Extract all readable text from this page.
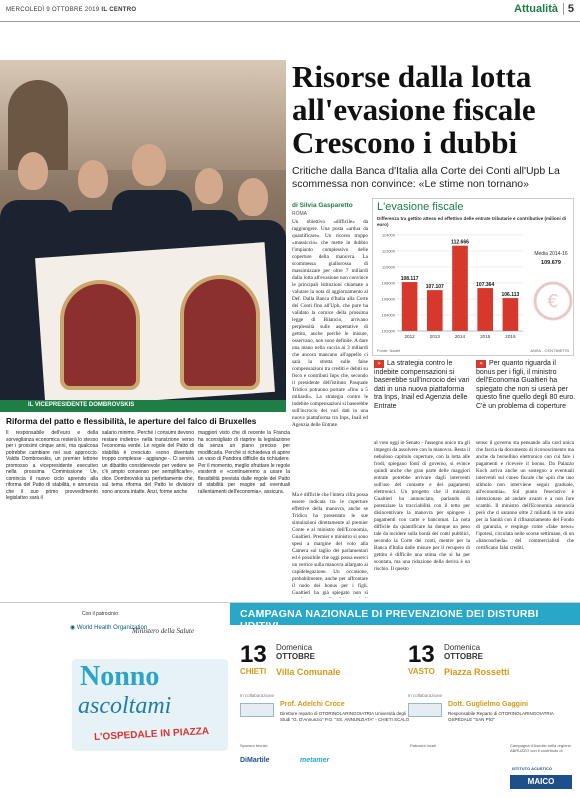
MERCOLEDÌ 9 OTTOBRE 2019 IL CENTRO	Attualità 5
Risorse dalla lotta
all'evasione fiscale
Crescono i dubbi
Critiche dalla Banca d'Italia alla Corte dei Conti all'Upb La scommessa non convince: «Le stime non tornano»
di Silvia Gasparetto
ROMA
Un obiettivo «difficile» da raggiungere. Una posta «ardua da quantificare». Un ricorso troppo «massiccio» che mette in dubbio l'impianto complessivo delle coperture della manovra. La scommessa giallorossa di massimizzare per oltre 7 miliardi dalla lotta all'evasione non convince le principali istituzioni chiamate a valutare la nota di aggiornamento al Def. Dalla Banca d'Italia alla Corte dei Conti fino all'Upb, che pure ha validato la cornice della prossima legge di Bilancio, arrivano perplessità sulle aspettative di gettito, anche perché le misure, osservano, non sono definite. A dare una mano nella caccia ai 3 miliardi che ancora mancano all'appello ci sarà la stretta sulle false compensazioni tra crediti e debiti su fisco e contributi Inps che, secondo il presidente dell'istituto Pasquale Tridico potranno portare «fino a 5 miliardi». La strategia contro le indebite compensazioni si baserebbe sull'incrocio dei vari dati in una nuova piattaforma tra Inps, Inail ed Agenzia delle Entrate.
Ma è difficile che l'intera cifra possa essere indicata tra le coperture effettive della manovra, anche se Tridico ha presentato le sue simulazioni direttamente al premier Conte e al ministro dell'Economia, Gualtieri. Premier e ministro si sono spesi a margine del voto alla Camera sul taglio dei parlamentari ed è possibile che oggi possa esserci un vertice sulla manovra allargato ai capidelegazione. Un occasione, probabilmente, anche per affrontare il nodo dei bonus per i figli. Gualtieri ha già spiegato non si
al voto oggi in Senato - l'assegno unico tra gli impegni da assolvere con la manovra. Resta il nebuloso capitolo coperture, con la lotta alle frodi, spiegano fonti di governo, si evince quindi anche che gran parte delle maggiori entrate potrebbe arrivare dagli interventi sull'uso del contante e dei pagamenti elettronici. Un progetto che il ministro Gualtieri ha annunciato, parlando di potenziare la tracciabilità con il tetto per disincentivare la manovra per spingere i pagamenti con carte e bancomat. La nota difficile da quantificare ha dunque un peso tale da incidere sulla bontà dei conti pubblici, secondo la Corte dei conti, mentre per la Banca d'Italia dalle misure per il recupero di gettito è difficile una stima che si ha per scontata, ma una riduzione della deriva è un rischio. Il questo
senso il governo sta pensando alla card unica che faccia da documento di riconoscimento ma anche da borsellino elettronico con cui fare i pagamenti e ricevere il bonus. Da Palazzo Koch arriva anche un sostegno a eventuali interventi sul cuneo fiscale che «più che uno stimolo non interviene seguir graduale, all'economia». Sul punto l'esecutivo è intenzionato ad andare avanti e a non fare scambi. Il ministro dell'Economia annuncia però che ci saranno oltre 2 miliardi in tre anni per la Sanità con il rifinanziamento del Fondo di garanzia, e respinge come «fake news» l'ipotesi, circolata nelle scorse settimane, di un «bancoscheda» del commercialisti che certificano falsi crediti.
L'evasione fiscale
Differenza tra gettito atteso ed effettivo delle entrate tributarie e contributive (milioni di euro)
114000
112000
110000
108000
106000
104000
102000
108.117
2012
107.107
2013
112.666
2014
107.364
2015
106.113
2016
Media 2014-16
109.679
€
Fonte: Nadef	ANSA - CENTIMETRI
» La strategia contro le indebite compensazioni si baserebbe sull'incrocio dei vari dati in una nuova piattaforma tra Inps, Inail ed Agenzia delle Entrate
» Per quanto riguarda il bonus per i figli, il ministro dell'Economia Gualtieri ha spiegato che non si userà per questo fine quello degli 80 euro. C'è un problema di coperture
IL VICEPRESIDENTE DOMBROVSKIS
Riforma del patto e flessibilità, le aperture del falco di Bruxelles
Il responsabile dell'euro e della sorveglianza economica resterà lo stesso per i prossimi cinque anni, ma qualcosa potrebbe cambiare nel suo approccio. Valdis Dombrovskis, un premier lettone promosso a vicepresidente esecutivo nella prossima Commissione Ue, comincia il nuovo ciclo aprendo alla riforma del Patto di stabilità, e annuncia che il suo primo provvedimento legislativo sarà il
salario minimo. Perché i consumi devono restare indietro» nella transizione verso l'economia verde. Le regole del Patto di stabilità è cresciuto «sono diventate troppo complesse - aggiunge -. Ci servirà un dibattito considerevole per vedere se c'è ampio consenso per semplificarle», dice. Dombrovskis sa perfettamente che, sul tema riforma del Patto le divisioni sono ancora intatte. Anzi, forme anche
maggiori visto che di recente la Francia ha sconsigliato di riaprire la legislazione da senza un piano preciso per modificarla. Perché si richiedeva di aprire un vaso di Pandora difficile da richiudere. Per il momento, meglio sfruttare le regole esistenti e «continueremo a usare la flessibilità prevista dalle regole del Patto di stabilità per reagire ad eventuali rallentamenti dell'economia», assicura.
Con il patrocinio
◉ World Health Organization
Ministero della Salute
Nonno
ascoltami
L'OSPEDALE IN PIAZZA
CAMPAGNA NAZIONALE DI PREVENZIONE DEI DISTURBI UDITIVI
13
CHIETI
Domenica
OTTOBRE
Villa Comunale
In collaborazione
Prof. Adelchi Croce
Direttore reparto di OTORINOLARINGOIATRIA Università degli Studi "G. D'Annunzio" P.O. "SS. ANNUNZIATA" - CHIETI SCALO
13
VASTO
Domenica
OTTOBRE
Piazza Rossetti
In collaborazione
Dott. Guglielmo Gaggini
Responsabile Reparto di OTORINOLARINGOIATRIA OSPEDALE "SAN PIO"
Sponsor tecnici
DiMartile	metamer
Patrocini locali	Campagna d'Ascolto nella regione ABRUZZO con il contributo di
ISTITUTO ACUSTICO
MAICO
